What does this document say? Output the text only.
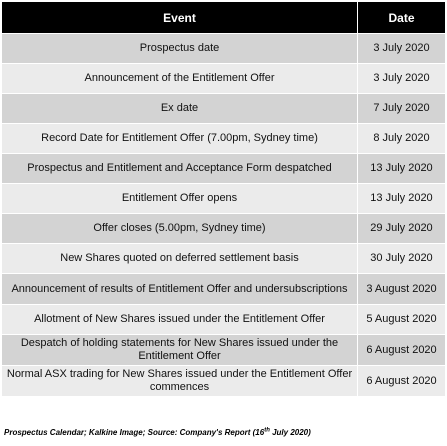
Event	Date
Prospectus date	3 July 2020
Announcement of the Entitlement Offer	3 July 2020
Ex date	7 July 2020
Record Date for Entitlement Offer (7.00pm, Sydney time)	8 July 2020
Prospectus and Entitlement and Acceptance Form despatched	13 July 2020
Entitlement Offer opens	13 July 2020
Offer closes (5.00pm, Sydney time)	29 July 2020
New Shares quoted on deferred settlement basis	30 July 2020
Announcement of results of Entitlement Offer and undersubscriptions	3 August 2020
Allotment of New Shares issued under the Entitlement Offer	5 August 2020
Despatch of holding statements for New Shares issued under the Entitlement Offer	6 August 2020
Normal ASX trading for New Shares issued under the Entitlement Offer commences	6 August 2020
Prospectus Calendar; Kalkine Image; Source: Company's Report (16th July 2020)
